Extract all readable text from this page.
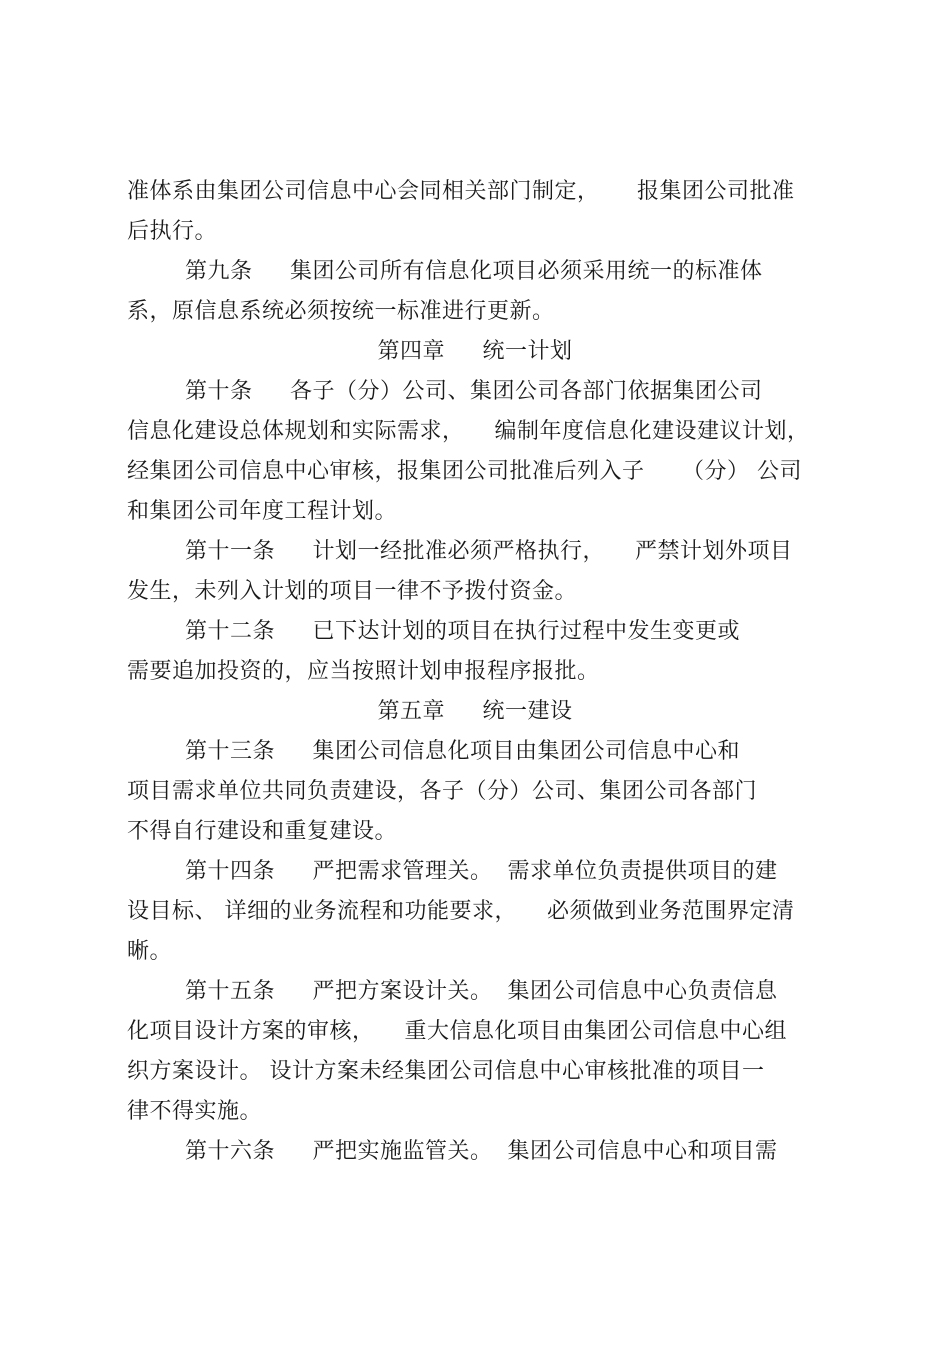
准体系由集团公司信息中心会同相关部门制定，     报集团公司批准
后执行。
第九条     集团公司所有信息化项目必须采用统一的标准体
系，原信息系统必须按统一标准进行更新。
第四章     统一计划
第十条     各子（分）公司、集团公司各部门依据集团公司
信息化建设总体规划和实际需求，    编制年度信息化建设建议计划，
经集团公司信息中心审核，报集团公司批准后列入子     （分） 公司
和集团公司年度工程计划。
第十一条     计划一经批准必须严格执行，    严禁计划外项目
发生，未列入计划的项目一律不予拨付资金。
第十二条     已下达计划的项目在执行过程中发生变更或
需要追加投资的，应当按照计划申报程序报批。
第五章     统一建设
第十三条     集团公司信息化项目由集团公司信息中心和
项目需求单位共同负责建设，各子（分）公司、集团公司各部门
不得自行建设和重复建设。
第十四条     严把需求管理关。  需求单位负责提供项目的建
设目标、 详细的业务流程和功能要求，    必须做到业务范围界定清
晰。
第十五条     严把方案设计关。  集团公司信息中心负责信息
化项目设计方案的审核，    重大信息化项目由集团公司信息中心组
织方案设计。 设计方案未经集团公司信息中心审核批准的项目一
律不得实施。
第十六条     严把实施监管关。  集团公司信息中心和项目需
